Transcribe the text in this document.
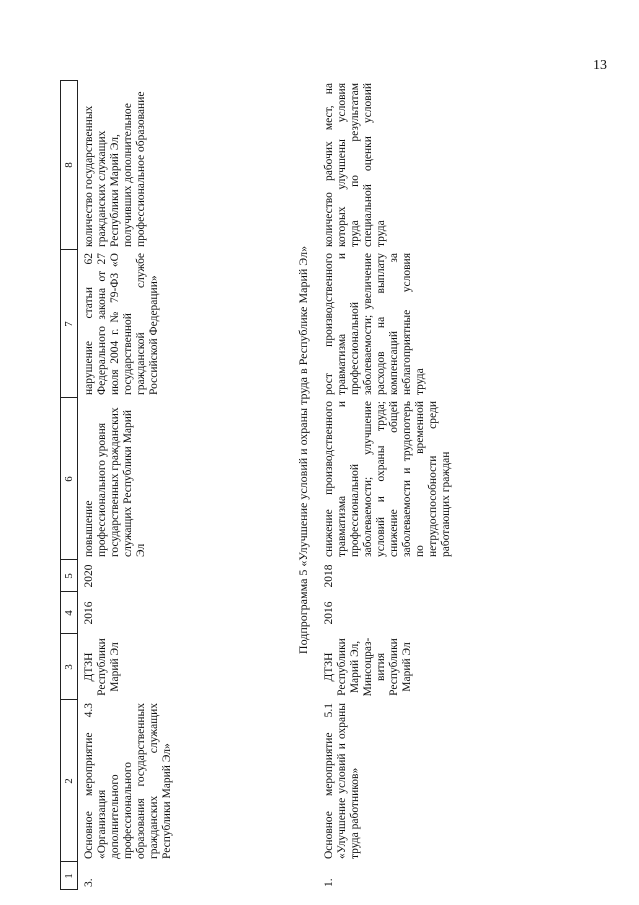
13
1
2
3
4
5
6
7
8
3.
Основное мероприятие 4.3 «Организация дополнительного профессионального образования государственных гражданских служащих Республики Марий Эл»
ДТЗН Республики Марий Эл
2016
2020
повышение профессионального уровня государственных гражданских служащих Республики Марий Эл
нарушение статьи 62 Федерального закона от 27 июля 2004 г. № 79-ФЗ «О государственной гражданской службе Российской Федерации»
количество государственных гражданских служащих Республики Марий Эл, получивших дополнительное профессиональное образование
Подпрограмма 5 «Улучшение условий и охраны труда в Республике Марий Эл»
1.
Основное мероприятие 5.1 «Улучшение условий и охраны труда работников»
ДТЗН Республики Марий Эл, Минсоцраз-вития Республики Марий Эл
2016
2018
снижение производственного травматизма и профессиональной заболеваемости; улучшение условий и охраны труда; снижение общей заболеваемости и трудопотерь по временной нетрудоспособности среди работающих граждан
рост производственного травматизма и профессиональной заболеваемости; увеличение расходов на выплату компенсаций за неблагоприятные условия труда
количество рабочих мест, на которых улучшены условия труда по результатам специальной оценки условий труда
